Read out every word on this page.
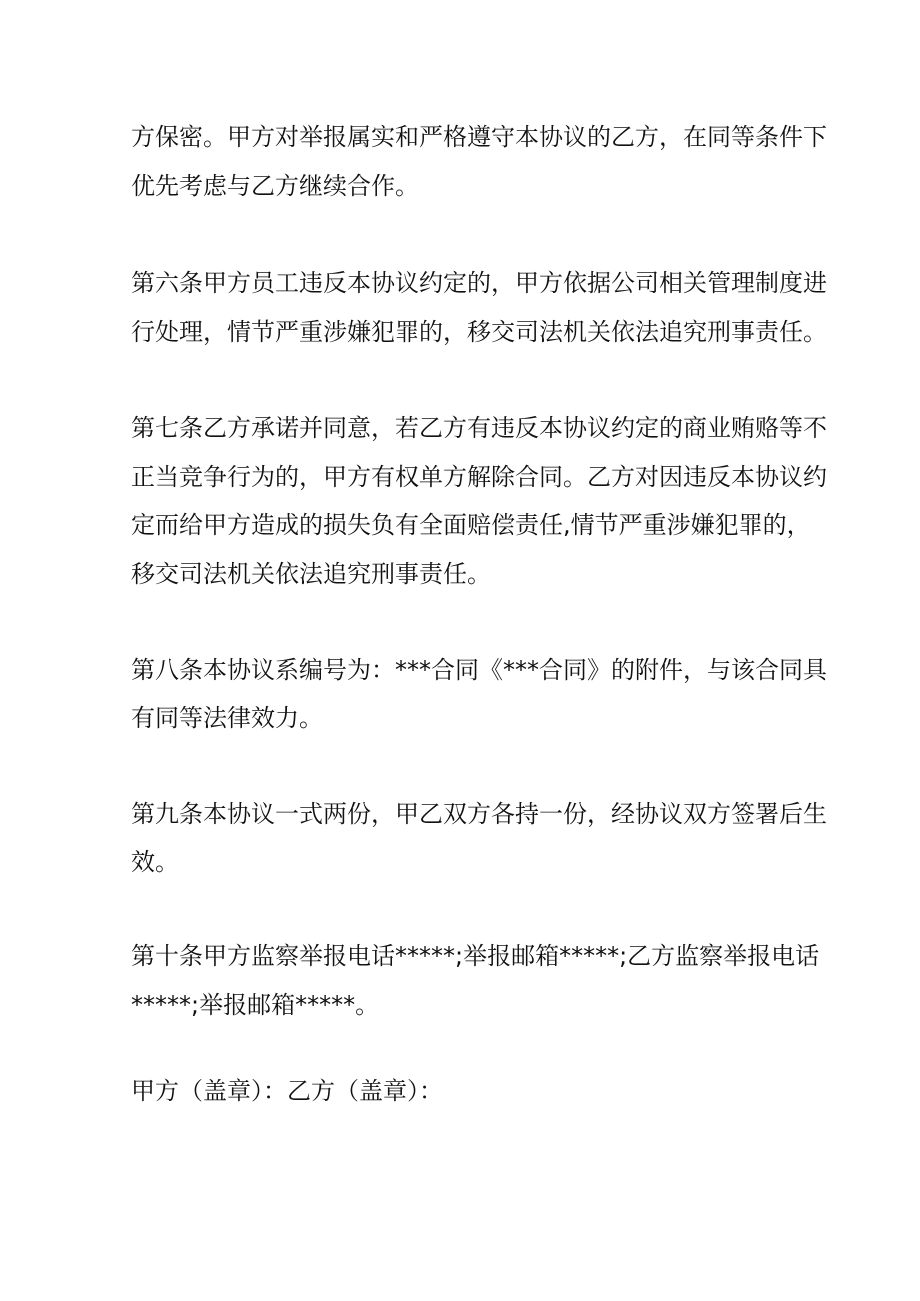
方保密。甲方对举报属实和严格遵守本协议的乙方，在同等条件下
优先考虑与乙方继续合作。
第六条甲方员工违反本协议约定的，甲方依据公司相关管理制度进
行处理，情节严重涉嫌犯罪的，移交司法机关依法追究刑事责任。
第七条乙方承诺并同意，若乙方有违反本协议约定的商业贿赂等不
正当竞争行为的，甲方有权单方解除合同。乙方对因违反本协议约
定而给甲方造成的损失负有全面赔偿责任,情节严重涉嫌犯罪的，
移交司法机关依法追究刑事责任。
第八条本协议系编号为：***合同《***合同》的附件，与该合同具
有同等法律效力。
第九条本协议一式两份，甲乙双方各持一份，经协议双方签署后生
效。
第十条甲方监察举报电话*****;举报邮箱*****;乙方监察举报电话
*****;举报邮箱*****。
甲方（盖章）：乙方（盖章）：
